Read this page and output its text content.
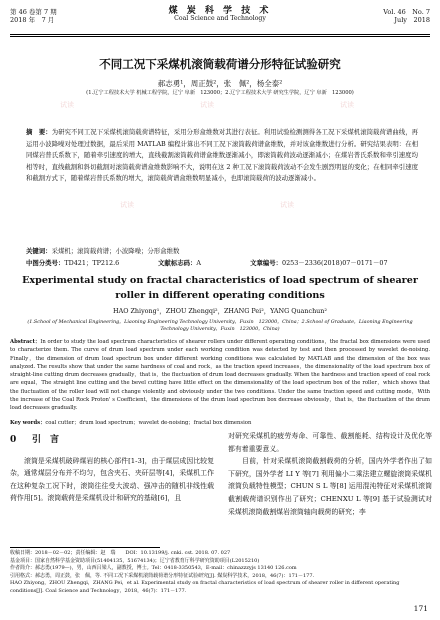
第 46 卷第 7 期
2018 年　7 月
煤 炭 科 学 技 术
Coal Science and Technology
Vol. 46　No. 7
July　2018
不同工况下采煤机滚筒载荷谱分形特征试验研究
郝志勇¹，周正鼓²，张　佩²，杨全泰²
(1.辽宁工程技术大学 机械工程学院，辽宁 阜新　123000；2.辽宁工程技术大学 研究生学院，辽宁 阜新　123000)
试读	试读	试读
试读	试读
摘　要：为研究不同工况下采煤机滚筒载荷谱特征，采用分形盒维数对其进行表征。利用试验检测测得各工况下采煤机滚筒载荷谱曲线，再运用小波降噪对处理过数据，最后采用 MATLAB 编程计算出不同工况下滚筒载荷谱盒维数，并对该盒维数进行分析。研究结果表明：在相同煤岩普氏系数下，随着牵引速度的增大，直线截割滚筒载荷谱盒维数逐渐减小，即滚筒载荷波动逐渐减小；在煤岩普氏系数和牵引速度均相等时，直线截割和斜切截割对滚筒载荷谱盒维数影响不大，说明在这 2 种工况下滚筒载荷波动不会发生剧烈明显的变化；在相同牵引速度和截割方式下，随着煤岩普氏系数的增大，滚筒载荷谱盒维数明显减小，也即滚筒载荷的波动逐渐减小。
关键词：采煤机；滚筒载荷谱；小波降噪；分形盒维数
中图分类号：TD421；TP212.6	文献标志码：A	文章编号：0253－2336(2018)07－0171－07
Experimental study on fractal characteristics of load spectrum of shearer roller in different operating conditions
HAO Zhiyong¹，ZHOU Zhengqi²，ZHANG Pei²，YANG Quanchun²
(1.School of Mechanical Engineering，Liaoning Engineering Technology University，Fuxin　123000，China；2.School of Graduate，Liaoning Engineering Technology University，Fuxin　123000，China)
Abstract：In order to study the load spectrum characteristics of shearer rollers under different operating conditions，the fractal box dimensions were used to characterize them. The curve of drum load spectrum under each working condition was detected by test and then processed by wavelet de-noising. Finally，the dimension of drum load spectrum box under different working conditions was calculated by MATLAB and the dimension of the box was analyzed. The results show that under the same hardness of coal and rock，as the traction speed increases，the dimensionality of the load spectrum box of straight-line cutting drum decreases gradually，that is，the fluctuation of drum load decreases gradually. When the hardness and traction speed of coal rock are equal，The straight line cutting and the bevel cutting have little effect on the dimensionality of the load spectrum box of the roller，which shows that the fluctuation of the roller load will not change violently and obviously under the two conditions. Under the same traction speed and cutting mode，With the increase of the Coal Rock Proton' s Coefficient，the dimensions of the drum load spectrum box decrease obviously，that is，the fluctuation of the drum load decreases gradually.
Key words：coal cutter；drum load spectrum；wavelet de-noising；fractal box dimension
0 引　言
滚筒是采煤机破碎煤岩的核心部件[1-3]，由于煤层成因比较复杂，通常煤层分布并不均匀，包含夹石、夹矸层等[4]，采煤机工作在这种复杂工况下时，滚筒往往受大波动、强冲击的随机非线性载荷作用[5]。滚筒载荷是采煤机设计和研究的基础[6]，且
对研究采煤机的疲劳寿命、可靠性、截割能耗、结构设计及优化等都有着重要意义。
　　目前，针对采煤机滚筒截割载荷的分析，国内外学者作出了如下研究，国外学者 LI Y 等[7] 利用偏小二乘法建立螺旋滚筒采煤机滚筒负载特性模型；CHUN S L 等[8] 运用混沌特征对采煤机滚筒截割载荷谱识别作出了研究；CHENXU L 等[9] 基于试验测试对采煤机滚筒截割煤岩滚筒轴向载荷的研究；李
收稿日期：2018－02－02；责任编辑：赵　瑞　　DOI：10.13199/j. cnki. cst. 2018. 07. 027
基金项目：国家自然科学基金资助项目(51404135，51674134)；辽宁省教育厅科学研究资助项目(L2015210)
作者简介：郝志勇(1979—)，男，山西吕梁人，副教授，博士。Tel：0418-3350543，E-mail：chinazzzyjs 13140 126.com
引用格式：郝志勇，周正鼓，张　佩，等. 不同工况下采煤机滚筒载荷谱分形特征试验研究[J]. 煤炭科学技术，2018，46(7)：171－177.
HAO Zhiyong，ZHOU Zhengqi，ZHANG Pei，et al. Experimental study on fractal characteristics of load spectrum of shearer roller in different operating conditions[J]. Coal Science and Technology，2018，46(7)：171－177.
171
